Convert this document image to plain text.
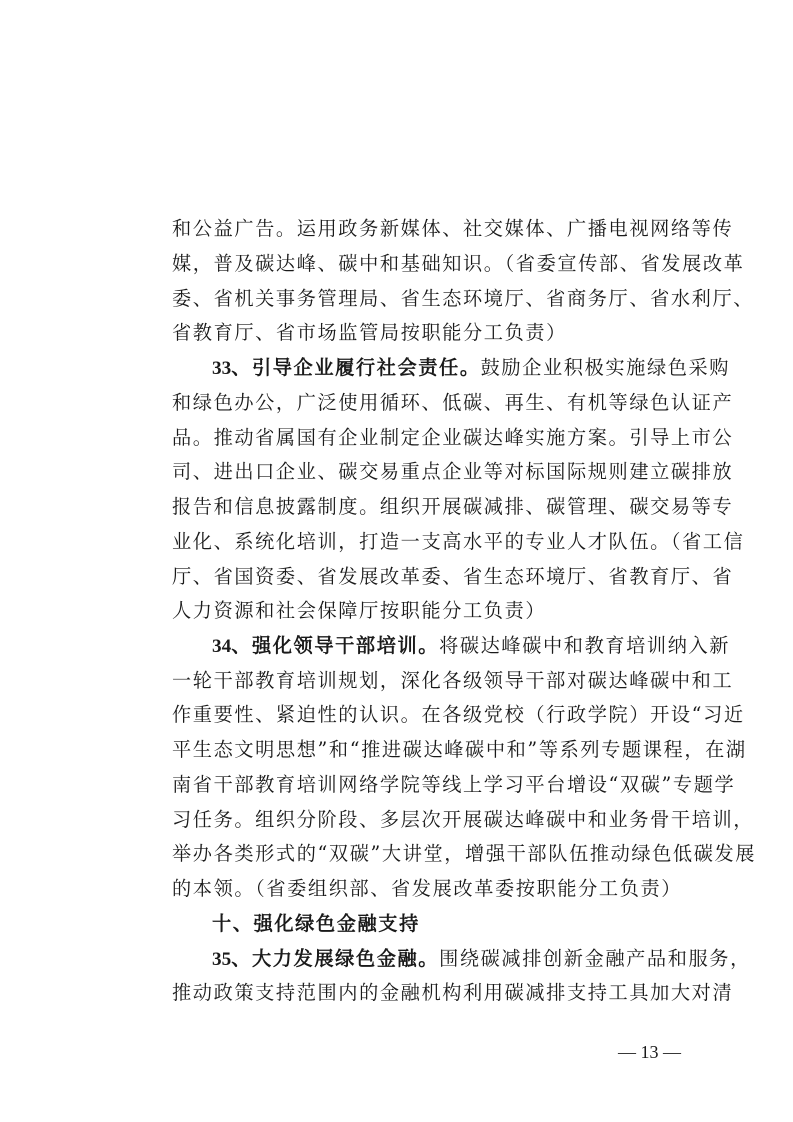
和公益广告。运用政务新媒体、社交媒体、广播电视网络等传
媒，普及碳达峰、碳中和基础知识。（省委宣传部、省发展改革
委、省机关事务管理局、省生态环境厅、省商务厅、省水利厅、
省教育厅、省市场监管局按职能分工负责）
33、引导企业履行社会责任。鼓励企业积极实施绿色采购
和绿色办公，广泛使用循环、低碳、再生、有机等绿色认证产
品。推动省属国有企业制定企业碳达峰实施方案。引导上市公
司、进出口企业、碳交易重点企业等对标国际规则建立碳排放
报告和信息披露制度。组织开展碳减排、碳管理、碳交易等专
业化、系统化培训，打造一支高水平的专业人才队伍。（省工信
厅、省国资委、省发展改革委、省生态环境厅、省教育厅、省
人力资源和社会保障厅按职能分工负责）
34、强化领导干部培训。将碳达峰碳中和教育培训纳入新
一轮干部教育培训规划，深化各级领导干部对碳达峰碳中和工
作重要性、紧迫性的认识。在各级党校（行政学院）开设“习近
平生态文明思想”和“推进碳达峰碳中和”等系列专题课程，在湖
南省干部教育培训网络学院等线上学习平台增设“双碳”专题学
习任务。组织分阶段、多层次开展碳达峰碳中和业务骨干培训，
举办各类形式的“双碳”大讲堂，增强干部队伍推动绿色低碳发展
的本领。（省委组织部、省发展改革委按职能分工负责）
十、强化绿色金融支持
35、大力发展绿色金融。围绕碳减排创新金融产品和服务，
推动政策支持范围内的金融机构利用碳减排支持工具加大对清
— 13 —
